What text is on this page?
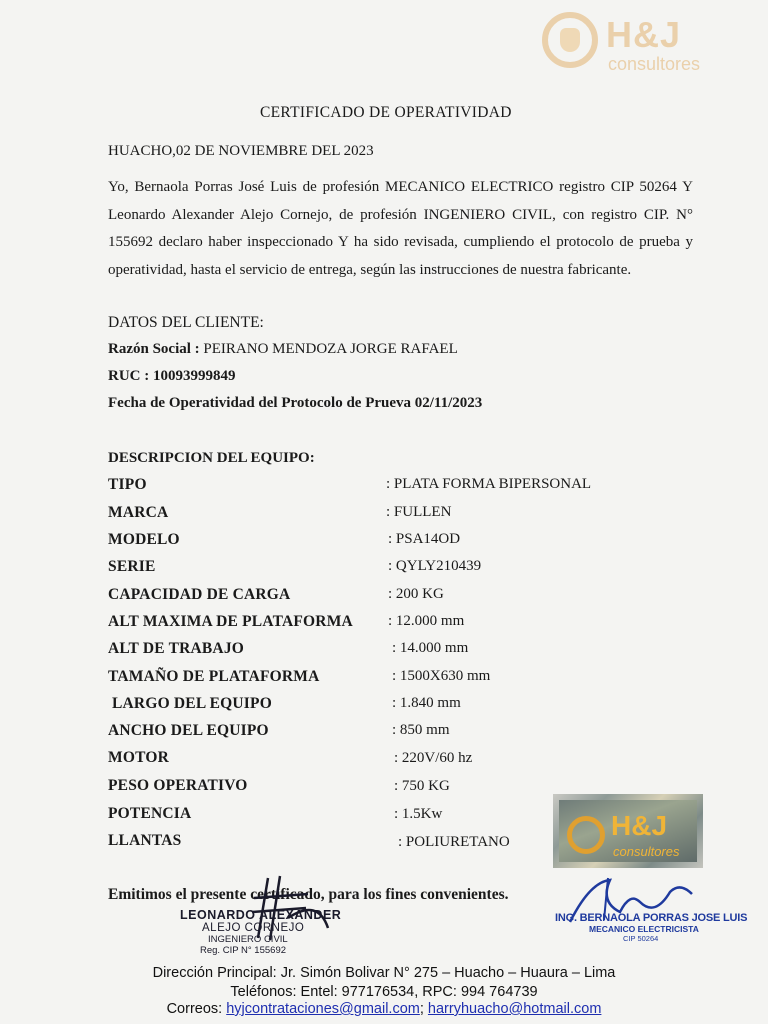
H&J
consultores
CERTIFICADO DE OPERATIVIDAD
HUACHO,02 DE NOVIEMBRE DEL 2023
Yo, Bernaola Porras José Luis de profesión MECANICO ELECTRICO registro CIP 50264 Y Leonardo Alexander Alejo Cornejo, de profesión INGENIERO CIVIL, con registro CIP. N° 155692 declaro haber inspeccionado Y ha sido revisada, cumpliendo el protocolo de prueba y operatividad, hasta el servicio de entrega, según las instrucciones de nuestra fabricante.
DATOS DEL CLIENTE:
Razón Social : PEIRANO MENDOZA JORGE RAFAEL
RUC : 10093999849
Fecha de Operatividad del Protocolo de Prueva 02/11/2023
DESCRIPCION DEL EQUIPO:
TIPO	: PLATA FORMA BIPERSONAL
MARCA	: FULLEN
MODELO	: PSA14OD
SERIE	: QYLY210439
CAPACIDAD DE CARGA	: 200 KG
ALT MAXIMA DE PLATAFORMA : 12.000 mm
ALT DE TRABAJO	: 14.000 mm
TAMAÑO DE PLATAFORMA	: 1500X630 mm
LARGO DEL EQUIPO	: 1.840 mm
ANCHO DEL EQUIPO	: 850 mm
MOTOR	: 220V/60 hz
PESO OPERATIVO	: 750 KG
POTENCIA	: 1.5Kw
LLANTAS	: POLIURETANO
H&J
consultores
Emitimos el presente certificado, para los fines convenientes.
LEONARDO ALEXANDER
ALEJO CORNEJO
INGENIERO CIVIL
Reg. CIP N° 155692
ING. BERNAOLA PORRAS JOSE LUIS
MECANICO ELECTRICISTA
CIP 50264
Dirección Principal: Jr. Simón Bolivar N° 275 – Huacho – Huaura – Lima
Teléfonos: Entel: 977176534, RPC: 994 764739
Correos: hyjcontrataciones@gmail.com; harryhuacho@hotmail.com
